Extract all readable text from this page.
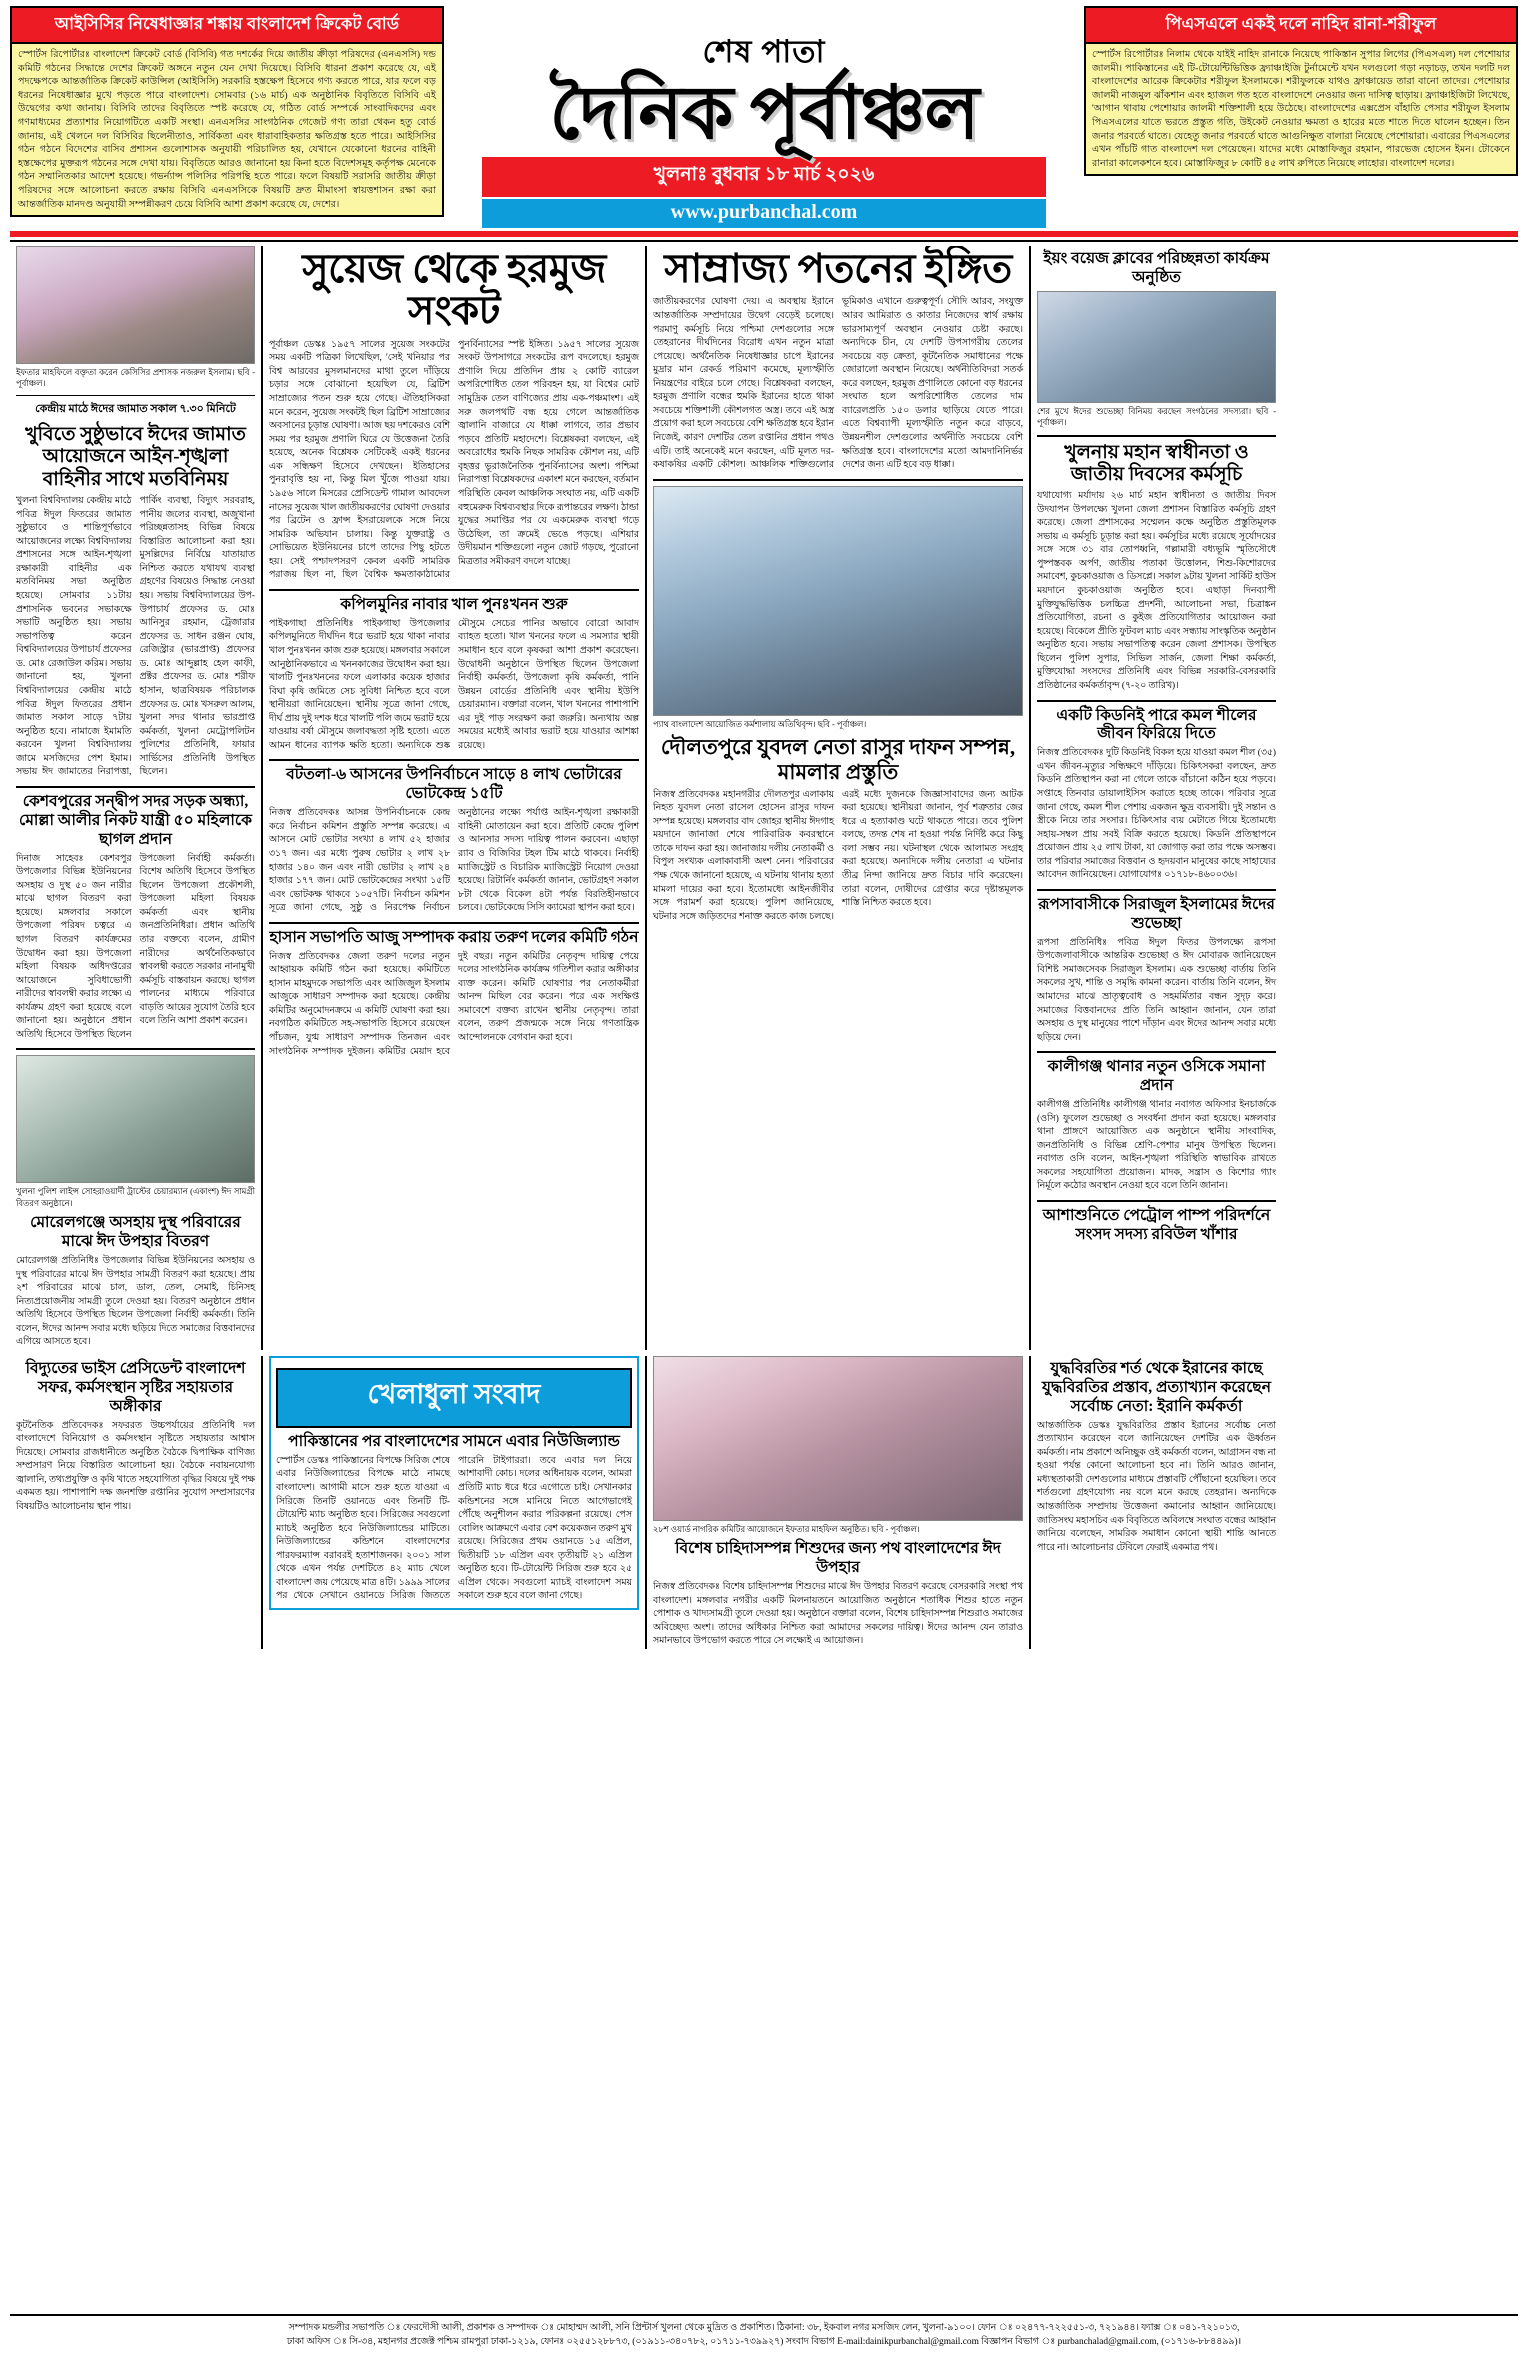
আইসিসির নিষেধাজ্ঞার শঙ্কায় বাংলাদেশ ক্রিকেট বোর্ড
স্পোর্টস রিপোর্টারঃ বাংলাদেশ ক্রিকেট বোর্ড (বিসিবি) গত দশর্কের দিয়ে জাতীয় ক্রীড়া পরিষদের (এনএসসি) দন্ড কমিটি গঠনের সিদ্ধান্তে দেশের ক্রিকেট অঙ্গনে নতুন যেন দেখা দিয়েছে। বিসিবি ধারনা প্রকাশ করেছে যে, এই পদক্ষেপকে আন্তর্জাতিক ক্রিকেট কাউন্সিল (আইসিসি) সরকারি হস্তক্ষেপ হিসেবে গণ্য করতে পারে, যার ফলে বড় ধরনের নিষেধাজ্ঞার মুখে পড়তে পারে বাংলাদেশ। সোমবার (১৬ মার্চ) এক অনুষ্ঠানিক বিবৃতিতে বিসিবি এই উদ্বেগের কথা জানায়। বিসিবি তাদের বিবৃতিতে স্পষ্ট করেছে যে, গঠিত বোর্ড সম্পর্কে সাংবাদিকদের এবং গণমাধ্যমের প্রত্যাশার নিয়োগটিতে একটি সংস্থা। এনএসসির সাংগঠনিক গেজেট গণ্য তারা থেকন হতু বোর্ড জানায়, এই খেলনে দল বিসিবির ছিলেনীতাও, সার্বিকতা এবং ধারাবাহিকতার ক্ষতিগ্রস্ত হতে পারে। আইসিসির গঠন গঠনে বিদেশের বাসিব প্রশাসন গুলোশাসক অনুযায়ী পরিচালিত হয়, যেখানে যেকোনো ধরনের বাহিনী হস্তক্ষেপের মুক্তরূপ গঠনের সঙ্গে দেখা যায়। বিবৃতিতে আরও জানানো হয় কিনা হতে বিদেশসমূহ কর্তৃপক্ষ মেনেকে গঠন সম্মানিতকার আদেশ হয়েছে। গভর্ন্যান্স পলিসির পরিপন্থি হতে পারে। ফলে বিষয়টি সরাসরি জাতীয় ক্রীড়া পরিষদের সঙ্গে আলোচনা করতে রক্ষায় বিসিবি এনএসসিকে বিষয়টি দ্রুত মীমাংসা স্বায়ত্তশাসন রক্ষা করা আন্তর্জাতিক মানদণ্ড অনুযায়ী সম্পন্নীকরণ চেয়ে বিসিবি আশা প্রকাশ করেছে যে, দেশের।
শেষ পাতা
দৈনিক পূর্বাঞ্চল
খুলনাঃ বুধবার ১৮ মার্চ ২০২৬
www.purbanchal.com
পিএসএলে একই দলে নাহিদ রানা-শরীফুল
স্পোর্টস রিপোর্টারঃ নিলাম থেকে যাইই নাহিদ রানাকে নিয়েছে পাকিস্তান সুপার লিগের (পিএসএল) দল পেশোয়ার জালমী। পাকিস্তানের এই টি-টোয়েন্টিভিত্তিক ফ্র্যাঞ্চাইজি টুর্নামেন্টে যখন দলগুলো গড়া নড়াচড়, তখন দলটি দল বাংলাদেশের আরেক ক্রিকেটার শরীফুল ইসলামকে। শরীফুলকে যাথও ফ্রাঞ্চায়েড তারা বানো তাদের। পেশোয়ার জালমী নাজমুল ঝাঁকশান এবং হ্যাজল গত হতে বাংলাদেশে নেওয়ার জন্য দাসিত্ব ছাড়ায়। ফ্র্যাঞ্চাইজিটা লিখেছে, 'আগান থাবায় পেশোয়ার জালমী শক্তিশালী হয়ে উঠেছে। বাংলাদেশের এক্সপ্রেস বাঁহাতি পেসার শরীফুল ইসলাম পিএসএলের যাতে ভরতে প্রস্তুত গতি, উইকেট নেওয়ার ক্ষমতা ও হারের মতে শাতে দিতে ঘালেন হচ্ছেন। তিন জনার পরবর্তে ঘাতে। যেহেতু জনার পরবর্তে ঘাতে আগুনিক্ষুত বালারা নিয়েছে পেশোয়ারা। এবারের পিএসএলের এখন পাঁচটি গাত বাংলাদেশ দল পেয়েছেন। যাদের মধ্যে মোস্তাফিজুর রহমান, পারভেজ হোসেন ইমন। টোকেনে রানারা কালেকশনে হবে। মোস্তাফিজুর ৮ কোটি ৪৫ লাখ রুপিতে নিয়েছে লাহোর। বাংলাদেশ দলের।
ইফতার মাহফিলে বক্তৃতা করেন কেসিসির প্রশাসক নজরুল ইসলাম। ছবি - পূর্বাঞ্চল।
কেন্দ্রীয় মাঠে ঈদের জামাত সকাল ৭.৩০ মিনিটে
খুবিতে সুষ্ঠুভাবে ঈদের জামাত আয়োজনে আইন-শৃঙ্খলা বাহিনীর সাথে মতবিনিময়
খুলনা বিশ্ববিদ্যালয় কেন্দ্রীয় মাঠে পবিত্র ঈদুল ফিতরের জামাত সুষ্ঠুভাবে ও শান্তিপূর্ণভাবে আয়োজনের লক্ষ্যে বিশ্ববিদ্যালয় প্রশাসনের সঙ্গে আইন-শৃঙ্খলা রক্ষাকারী বাহিনীর এক মতবিনিময় সভা অনুষ্ঠিত হয়েছে। সোমবার ১১টায় প্রশাসনিক ভবনের সভাকক্ষে সভাটি অনুষ্ঠিত হয়। সভায় সভাপতিত্ব করেন বিশ্ববিদ্যালয়ের উপাচার্য প্রফেসর ড. মোঃ রেজাউল করিম। সভায় জানানো হয়, খুলনা বিশ্ববিদ্যালয়ের কেন্দ্রীয় মাঠে পবিত্র ঈদুল ফিতরের প্রধান জামাত সকাল সাড়ে ৭টায় অনুষ্ঠিত হবে। নামাজে ইমামতি করবেন খুলনা বিশ্ববিদ্যালয় জামে মসজিদের পেশ ইমাম। সভায় ঈদ জামাতের নিরাপত্তা, পার্কিং ব্যবস্থা, বিদ্যুৎ সরবরাহ, পানীয় জলের ব্যবস্থা, অজুখানা পরিচ্ছন্নতাসহ বিভিন্ন বিষয়ে বিস্তারিত আলোচনা করা হয়। মুসল্লিদের নির্বিঘ্নে যাতায়াত নিশ্চিত করতে যথাযথ ব্যবস্থা গ্রহণের বিষয়েও সিদ্ধান্ত নেওয়া হয়। সভায় বিশ্ববিদ্যালয়ের উপ-উপাচার্য প্রফেসর ড. মোঃ আনিসুর রহমান, ট্রেজারার প্রফেসর ড. সাধন রঞ্জন ঘোষ, রেজিস্ট্রার (ভারপ্রাপ্ত) প্রফেসর ড. মোঃ আব্দুল্লাহ হেল কাফী, প্রক্টর প্রফেসর ড. মোঃ শরীফ হাসান, ছাত্রবিষয়ক পরিচালক প্রফেসর ড. মোঃ খসরুল আলম, খুলনা সদর থানার ভারপ্রাপ্ত কর্মকর্তা, খুলনা মেট্রোপলিটন পুলিশের প্রতিনিধি, ফায়ার সার্ভিসের প্রতিনিধি উপস্থিত ছিলেন।
কেশবপুরের সন্দ্বীপ সদর সড়ক অন্ধ্যা, মোল্লা আলীর নিকট যান্ত্রী ৫০ মহিলাকে ছাগল প্রদান
দিনাজ সাহেবঃ কেশবপুর উপজেলার বিভিন্ন ইউনিয়নের অসহায় ও দুস্থ ৫০ জন নারীর মাঝে ছাগল বিতরণ করা হয়েছে। মঙ্গলবার সকালে উপজেলা পরিষদ চত্বরে এ ছাগল বিতরণ কার্যক্রমের উদ্বোধন করা হয়। উপজেলা মহিলা বিষয়ক অধিদপ্তরের আয়োজনে সুবিধাভোগী নারীদের স্বাবলম্বী করার লক্ষ্যে এ কার্যক্রম গ্রহণ করা হয়েছে বলে জানানো হয়। অনুষ্ঠানে প্রধান অতিথি হিসেবে উপস্থিত ছিলেন উপজেলা নির্বাহী কর্মকর্তা। বিশেষ অতিথি হিসেবে উপস্থিত ছিলেন উপজেলা প্রকৌশলী, উপজেলা মহিলা বিষয়ক কর্মকর্তা এবং স্থানীয় জনপ্রতিনিধিরা। প্রধান অতিথি তার বক্তব্যে বলেন, গ্রামীণ নারীদের অর্থনৈতিকভাবে স্বাবলম্বী করতে সরকার নানামুখী কর্মসূচি বাস্তবায়ন করছে। ছাগল পালনের মাধ্যমে পরিবারে বাড়তি আয়ের সুযোগ তৈরি হবে বলে তিনি আশা প্রকাশ করেন।
খুলনা পুলিশ লাইন্স সোহরাওয়ার্দী ট্রাস্টের চেয়ারম্যান (একাংশ) ঈদ সামগ্রী বিতরণ অনুষ্ঠানে।
মোরেলগঞ্জে অসহায় দুস্থ পরিবারের মাঝে ঈদ উপহার বিতরণ
মোরেলগঞ্জ প্রতিনিধিঃ উপজেলার বিভিন্ন ইউনিয়নের অসহায় ও দুস্থ পরিবারের মাঝে ঈদ উপহার সামগ্রী বিতরণ করা হয়েছে। প্রায় ২শ পরিবারের মাঝে চাল, ডাল, তেল, সেমাই, চিনিসহ নিত্যপ্রয়োজনীয় সামগ্রী তুলে দেওয়া হয়। বিতরণ অনুষ্ঠানে প্রধান অতিথি হিসেবে উপস্থিত ছিলেন উপজেলা নির্বাহী কর্মকর্তা। তিনি বলেন, ঈদের আনন্দ সবার মধ্যে ছড়িয়ে দিতে সমাজের বিত্তবানদের এগিয়ে আসতে হবে।
সুয়েজ থেকে হরমুজ সংকট
পূর্বাঞ্চল ডেস্কঃ ১৯৫৭ সালের সুয়েজ সংকটের সময় একটি পত্রিকা লিখেছিল, 'সেই খনিয়ার পর বিশ্ব আরবের মুসলমানদের মাথা তুলে দাঁড়িয়ে চড়ার সঙ্গে বোঝানো হয়েছিল যে, ব্রিটিশ সাম্রাজ্যের পতন শুরু হয়ে গেছে। ঐতিহাসিকরা মনে করেন, সুয়েজ সংকটই ছিল ব্রিটিশ সাম্রাজ্যের অবসানের চূড়ান্ত ঘোষণা। আজ ছয় দশকেরও বেশি সময় পর হরমুজ প্রণালি ঘিরে যে উত্তেজনা তৈরি হয়েছে, অনেক বিশ্লেষক সেটিকেই একই ধরনের এক সন্ধিক্ষণ হিসেবে দেখছেন। ইতিহাসের পুনরাবৃত্তি হয় না, কিন্তু মিল খুঁজে পাওয়া যায়। ১৯৫৬ সালে মিসরের প্রেসিডেন্ট গামাল আবদেল নাসের সুয়েজ খাল জাতীয়করণের ঘোষণা দেওয়ার পর ব্রিটেন ও ফ্রান্স ইসরায়েলকে সঙ্গে নিয়ে সামরিক অভিযান চালায়। কিন্তু যুক্তরাষ্ট্র ও সোভিয়েত ইউনিয়নের চাপে তাদের পিছু হটতে হয়। সেই পশ্চাদপসরণ কেবল একটি সামরিক পরাজয় ছিল না, ছিল বৈশ্বিক ক্ষমতাকাঠামোর পুনর্বিন্যাসের স্পষ্ট ইঙ্গিত। ১৯৫৭ সালের সুয়েজ সংকট উপসাগরে সংকটের রূপ বদলেছে। হরমুজ প্রণালি দিয়ে প্রতিদিন প্রায় ২ কোটি ব্যারেল অপরিশোধিত তেল পরিবহন হয়, যা বিশ্বের মোট সামুদ্রিক তেল বাণিজ্যের প্রায় এক-পঞ্চমাংশ। এই সরু জলপথটি বন্ধ হয়ে গেলে আন্তর্জাতিক জ্বালানি বাজারে যে ধাক্কা লাগবে, তার প্রভাব পড়বে প্রতিটি মহাদেশে। বিশ্লেষকরা বলছেন, এই অবরোধের হুমকি নিছক সামরিক কৌশল নয়, এটি বৃহত্তর ভূরাজনৈতিক পুনর্বিন্যাসের অংশ। পশ্চিমা নিরাপত্তা বিশ্লেষকদের একাংশ মনে করছেন, বর্তমান পরিস্থিতি কেবল আঞ্চলিক সংঘাত নয়, এটি একটি বহুমেরুক বিশ্বব্যবস্থার দিকে রূপান্তরের লক্ষণ। ঠান্ডা যুদ্ধের সমাপ্তির পর যে একমেরুক ব্যবস্থা গড়ে উঠেছিল, তা ক্রমেই ভেঙে পড়ছে। এশিয়ার উদীয়মান শক্তিগুলো নতুন জোট গড়ছে, পুরোনো মিত্রতার সমীকরণ বদলে যাচ্ছে।
কপিলমুনির নাবার খাল পুনঃখনন শুরু
পাইকগাছা প্রতিনিধিঃ পাইকগাছা উপজেলার কপিলমুনিতে দীর্ঘদিন ধরে ভরাট হয়ে থাকা নাবার খাল পুনঃখনন কাজ শুরু হয়েছে। মঙ্গলবার সকালে আনুষ্ঠানিকভাবে এ খননকাজের উদ্বোধন করা হয়। খালটি পুনঃখননের ফলে এলাকার কয়েক হাজার বিঘা কৃষি জমিতে সেচ সুবিধা নিশ্চিত হবে বলে স্থানীয়রা জানিয়েছেন। স্থানীয় সূত্রে জানা গেছে, দীর্ঘ প্রায় দুই দশক ধরে খালটি পলি জমে ভরাট হয়ে যাওয়ায় বর্ষা মৌসুমে জলাবদ্ধতা সৃষ্টি হতো। এতে আমন ধানের ব্যাপক ক্ষতি হতো। অন্যদিকে শুষ্ক মৌসুমে সেচের পানির অভাবে বোরো আবাদ ব্যাহত হতো। খাল খননের ফলে এ সমস্যার স্থায়ী সমাধান হবে বলে কৃষকরা আশা প্রকাশ করেছেন। উদ্বোধনী অনুষ্ঠানে উপস্থিত ছিলেন উপজেলা নির্বাহী কর্মকর্তা, উপজেলা কৃষি কর্মকর্তা, পানি উন্নয়ন বোর্ডের প্রতিনিধি এবং স্থানীয় ইউপি চেয়ারম্যান। বক্তারা বলেন, খাল খননের পাশাপাশি এর দুই পাড় সংরক্ষণ করা জরুরি। অন্যথায় অল্প সময়ের মধ্যেই আবার ভরাট হয়ে যাওয়ার আশঙ্কা রয়েছে।
বটতলা-৬ আসনের উপনির্বাচনে সাড়ে ৪ লাখ ভোটারের ভোটকেন্দ্র ১৫টি
নিজস্ব প্রতিবেদকঃ আসন্ন উপনির্বাচনকে কেন্দ্র করে নির্বাচন কমিশন প্রস্তুতি সম্পন্ন করেছে। এ আসনে মোট ভোটার সংখ্যা ৪ লাখ ৫২ হাজার ৩১৭ জন। এর মধ্যে পুরুষ ভোটার ২ লাখ ২৮ হাজার ১৪০ জন এবং নারী ভোটার ২ লাখ ২৪ হাজার ১৭৭ জন। মোট ভোটকেন্দ্রের সংখ্যা ১৫টি এবং ভোটকক্ষ থাকবে ১০৫৭টি। নির্বাচন কমিশন সূত্রে জানা গেছে, সুষ্ঠু ও নিরপেক্ষ নির্বাচন অনুষ্ঠানের লক্ষ্যে পর্যাপ্ত আইন-শৃঙ্খলা রক্ষাকারী বাহিনী মোতায়েন করা হবে। প্রতিটি কেন্দ্রে পুলিশ ও আনসার সদস্য দায়িত্ব পালন করবেন। এছাড়া র‍্যাব ও বিজিবির টহল টিম মাঠে থাকবে। নির্বাহী ম্যাজিস্ট্রেট ও বিচারিক ম্যাজিস্ট্রেট নিয়োগ দেওয়া হয়েছে। রিটার্নিং কর্মকর্তা জানান, ভোটগ্রহণ সকাল ৮টা থেকে বিকেল ৪টা পর্যন্ত বিরতিহীনভাবে চলবে। ভোটকেন্দ্রে সিসি ক্যামেরা স্থাপন করা হবে।
হাসান সভাপতি আজু সম্পাদক করায় তরুণ দলের কমিটি গঠন
নিজস্ব প্রতিবেদকঃ জেলা তরুণ দলের নতুন আহ্বায়ক কমিটি গঠন করা হয়েছে। কমিটিতে হাসান মাহমুদকে সভাপতি এবং আজিজুল ইসলাম আজুকে সাধারণ সম্পাদক করা হয়েছে। কেন্দ্রীয় কমিটির অনুমোদনক্রমে এ কমিটি ঘোষণা করা হয়। নবগঠিত কমিটিতে সহ-সভাপতি হিসেবে রয়েছেন পাঁচজন, যুগ্ম সাধারণ সম্পাদক তিনজন এবং সাংগঠনিক সম্পাদক দুইজন। কমিটির মেয়াদ হবে দুই বছর। নতুন কমিটির নেতৃবৃন্দ দায়িত্ব পেয়ে দলের সাংগঠনিক কার্যক্রম গতিশীল করার অঙ্গীকার ব্যক্ত করেন। কমিটি ঘোষণার পর নেতাকর্মীরা আনন্দ মিছিল বের করেন। পরে এক সংক্ষিপ্ত সমাবেশে বক্তব্য রাখেন স্থানীয় নেতৃবৃন্দ। তারা বলেন, তরুণ প্রজন্মকে সঙ্গে নিয়ে গণতান্ত্রিক আন্দোলনকে বেগবান করা হবে।
সাম্রাজ্য পতনের ইঙ্গিত
জাতীয়করণের ঘোষণা দেয়। এ অবস্থায় ইরানে আন্তর্জাতিক সম্প্রদায়ের উদ্বেগ বেড়েই চলেছে। পরমাণু কর্মসূচি নিয়ে পশ্চিমা দেশগুলোর সঙ্গে তেহরানের দীর্ঘদিনের বিরোধ এখন নতুন মাত্রা পেয়েছে। অর্থনৈতিক নিষেধাজ্ঞার চাপে ইরানের মুদ্রার মান রেকর্ড পরিমাণ কমেছে, মূল্যস্ফীতি নিয়ন্ত্রণের বাইরে চলে গেছে। বিশ্লেষকরা বলছেন, হরমুজ প্রণালি বন্ধের হুমকি ইরানের হাতে থাকা সবচেয়ে শক্তিশালী কৌশলগত অস্ত্র। তবে এই অস্ত্র প্রয়োগ করা হলে সবচেয়ে বেশি ক্ষতিগ্রস্ত হবে ইরান নিজেই, কারণ দেশটির তেল রপ্তানির প্রধান পথও এটি। তাই অনেকেই মনে করছেন, এটি মূলত দর-কষাকষির একটি কৌশল। আঞ্চলিক শক্তিগুলোর ভূমিকাও এখানে গুরুত্বপূর্ণ। সৌদি আরব, সংযুক্ত আরব আমিরাত ও কাতার নিজেদের স্বার্থ রক্ষায় ভারসাম্যপূর্ণ অবস্থান নেওয়ার চেষ্টা করছে। অন্যদিকে চীন, যে দেশটি উপসাগরীয় তেলের সবচেয়ে বড় ক্রেতা, কূটনৈতিক সমাধানের পক্ষে জোরালো অবস্থান নিয়েছে। অর্থনীতিবিদরা সতর্ক করে বলছেন, হরমুজ প্রণালিতে কোনো বড় ধরনের সংঘাত হলে অপরিশোধিত তেলের দাম ব্যারেলপ্রতি ১৫০ ডলার ছাড়িয়ে যেতে পারে। এতে বিশ্বব্যাপী মূল্যস্ফীতি নতুন করে বাড়বে, উন্নয়নশীল দেশগুলোর অর্থনীতি সবচেয়ে বেশি ক্ষতিগ্রস্ত হবে। বাংলাদেশের মতো আমদানিনির্ভর দেশের জন্য এটি হবে বড় ধাক্কা।
প্যাথ বাংলাদেশ আয়োজিত কর্মশালায় অতিথিবৃন্দ। ছবি - পূর্বাঞ্চল।
দৌলতপুরে যুবদল নেতা রাসুর দাফন সম্পন্ন, মামলার প্রস্তুতি
নিজস্ব প্রতিবেদকঃ মহানগরীর দৌলতপুর এলাকায় নিহত যুবদল নেতা রাসেল হোসেন রাসুর দাফন সম্পন্ন হয়েছে। মঙ্গলবার বাদ জোহর স্থানীয় ঈদগাহ ময়দানে জানাজা শেষে পারিবারিক কবরস্থানে তাকে দাফন করা হয়। জানাজায় দলীয় নেতাকর্মী ও বিপুল সংখ্যক এলাকাবাসী অংশ নেন। পরিবারের পক্ষ থেকে জানানো হয়েছে, এ ঘটনায় থানায় হত্যা মামলা দায়ের করা হবে। ইতোমধ্যে আইনজীবীর সঙ্গে পরামর্শ করা হয়েছে। পুলিশ জানিয়েছে, ঘটনার সঙ্গে জড়িতদের শনাক্ত করতে কাজ চলছে। এরই মধ্যে দুজনকে জিজ্ঞাসাবাদের জন্য আটক করা হয়েছে। স্থানীয়রা জানান, পূর্ব শত্রুতার জের ধরে এ হত্যাকাণ্ড ঘটে থাকতে পারে। তবে পুলিশ বলছে, তদন্ত শেষ না হওয়া পর্যন্ত নির্দিষ্ট করে কিছু বলা সম্ভব নয়। ঘটনাস্থল থেকে আলামত সংগ্রহ করা হয়েছে। অন্যদিকে দলীয় নেতারা এ ঘটনার তীব্র নিন্দা জানিয়ে দ্রুত বিচার দাবি করেছেন। তারা বলেন, দোষীদের গ্রেপ্তার করে দৃষ্টান্তমূলক শাস্তি নিশ্চিত করতে হবে।
ইয়ং বয়েজ ক্লাবের পরিচ্ছন্নতা কার্যক্রম অনুষ্ঠিত
শের মুখে ঈদের শুভেচ্ছা বিনিময় করছেন সংগঠনের সদস্যরা। ছবি - পূর্বাঞ্চল।
খুলনায় মহান স্বাধীনতা ও জাতীয় দিবসের কর্মসূচি
যথাযোগ্য মর্যাদায় ২৬ মার্চ মহান স্বাধীনতা ও জাতীয় দিবস উদযাপন উপলক্ষ্যে খুলনা জেলা প্রশাসন বিস্তারিত কর্মসূচি গ্রহণ করেছে। জেলা প্রশাসকের সম্মেলন কক্ষে অনুষ্ঠিত প্রস্তুতিমূলক সভায় এ কর্মসূচি চূড়ান্ত করা হয়। কর্মসূচির মধ্যে রয়েছে সূর্যোদয়ের সঙ্গে সঙ্গে ৩১ বার তোপধ্বনি, গল্লামারী বধ্যভূমি স্মৃতিসৌধে পুষ্পস্তবক অর্পণ, জাতীয় পতাকা উত্তোলন, শিশু-কিশোরদের সমাবেশ, কুচকাওয়াজ ও ডিসপ্লে। সকাল ৯টায় খুলনা সার্কিট হাউস ময়দানে কুচকাওয়াজ অনুষ্ঠিত হবে। এছাড়া দিনব্যাপী মুক্তিযুদ্ধভিত্তিক চলচ্চিত্র প্রদর্শনী, আলোচনা সভা, চিত্রাঙ্কন প্রতিযোগিতা, রচনা ও কুইজ প্রতিযোগিতার আয়োজন করা হয়েছে। বিকেলে প্রীতি ফুটবল ম্যাচ এবং সন্ধ্যায় সাংস্কৃতিক অনুষ্ঠান অনুষ্ঠিত হবে। সভায় সভাপতিত্ব করেন জেলা প্রশাসক। উপস্থিত ছিলেন পুলিশ সুপার, সিভিল সার্জন, জেলা শিক্ষা কর্মকর্তা, মুক্তিযোদ্ধা সংসদের প্রতিনিধি এবং বিভিন্ন সরকারি-বেসরকারি প্রতিষ্ঠানের কর্মকর্তাবৃন্দ (৭-২০ তারিখ)।
একটি কিডনিই পারে কমল শীলের জীবন ফিরিয়ে দিতে
নিজস্ব প্রতিবেদকঃ দুটি কিডনিই বিকল হয়ে যাওয়া কমল শীল (৩৫) এখন জীবন-মৃত্যুর সন্ধিক্ষণে দাঁড়িয়ে। চিকিৎসকরা বলছেন, দ্রুত কিডনি প্রতিস্থাপন করা না গেলে তাকে বাঁচানো কঠিন হয়ে পড়বে। সপ্তাহে তিনবার ডায়ালাইসিস করাতে হচ্ছে তাকে। পরিবার সূত্রে জানা গেছে, কমল শীল পেশায় একজন ক্ষুদ্র ব্যবসায়ী। দুই সন্তান ও স্ত্রীকে নিয়ে তার সংসার। চিকিৎসার ব্যয় মেটাতে গিয়ে ইতোমধ্যে সহায়-সম্বল প্রায় সবই বিক্রি করতে হয়েছে। কিডনি প্রতিস্থাপনে প্রয়োজন প্রায় ২৫ লাখ টাকা, যা জোগাড় করা তার পক্ষে অসম্ভব। তার পরিবার সমাজের বিত্তবান ও হৃদয়বান মানুষের কাছে সাহায্যের আবেদন জানিয়েছেন। যোগাযোগঃ ০১৭১৮-৪৬০০৩৬।
রূপসাবাসীকে সিরাজুল ইসলামের ঈদের শুভেচ্ছা
রূপসা প্রতিনিধিঃ পবিত্র ঈদুল ফিতর উপলক্ষ্যে রূপসা উপজেলাবাসীকে আন্তরিক শুভেচ্ছা ও ঈদ মোবারক জানিয়েছেন বিশিষ্ট সমাজসেবক সিরাজুল ইসলাম। এক শুভেচ্ছা বার্তায় তিনি সকলের সুখ, শান্তি ও সমৃদ্ধি কামনা করেন। বার্তায় তিনি বলেন, ঈদ আমাদের মাঝে ভ্রাতৃত্ববোধ ও সহমর্মিতার বন্ধন সুদৃঢ় করে। সমাজের বিত্তবানদের প্রতি তিনি আহ্বান জানান, যেন তারা অসহায় ও দুস্থ মানুষের পাশে দাঁড়ান এবং ঈদের আনন্দ সবার মধ্যে ছড়িয়ে দেন।
কালীগঞ্জ থানার নতুন ওসিকে সমানা প্রদান
কালীগঞ্জ প্রতিনিধিঃ কালীগঞ্জ থানার নবাগত অফিসার ইনচার্জকে (ওসি) ফুলেল শুভেচ্ছা ও সংবর্ধনা প্রদান করা হয়েছে। মঙ্গলবার থানা প্রাঙ্গণে আয়োজিত এক অনুষ্ঠানে স্থানীয় সাংবাদিক, জনপ্রতিনিধি ও বিভিন্ন শ্রেণি-পেশার মানুষ উপস্থিত ছিলেন। নবাগত ওসি বলেন, আইন-শৃঙ্খলা পরিস্থিতি স্বাভাবিক রাখতে সকলের সহযোগিতা প্রয়োজন। মাদক, সন্ত্রাস ও কিশোর গ্যাং নির্মূলে কঠোর অবস্থান নেওয়া হবে বলে তিনি জানান।
আশাশুনিতে পেট্রোল পাম্প পরিদর্শনে সংসদ সদস্য রবিউল খাঁশার
বিদ্যুতের ভাইস প্রেসিডেন্ট বাংলাদেশ সফর, কর্মসংস্থান সৃষ্টির সহায়তার অঙ্গীকার
কূটনৈতিক প্রতিবেদকঃ সফররত উচ্চপর্যায়ের প্রতিনিধি দল বাংলাদেশে বিনিয়োগ ও কর্মসংস্থান সৃষ্টিতে সহায়তার আশ্বাস দিয়েছে। সোমবার রাজধানীতে অনুষ্ঠিত বৈঠকে দ্বিপাক্ষিক বাণিজ্য সম্প্রসারণ নিয়ে বিস্তারিত আলোচনা হয়। বৈঠকে নবায়নযোগ্য জ্বালানি, তথ্যপ্রযুক্তি ও কৃষি খাতে সহযোগিতা বৃদ্ধির বিষয়ে দুই পক্ষ একমত হয়। পাশাপাশি দক্ষ জনশক্তি রপ্তানির সুযোগ সম্প্রসারণের বিষয়টিও আলোচনায় স্থান পায়।
খেলাধুলা সংবাদ
পাকিস্তানের পর বাংলাদেশের সামনে এবার নিউজিল্যান্ড
স্পোর্টস ডেস্কঃ পাকিস্তানের বিপক্ষে সিরিজ শেষে এবার নিউজিল্যান্ডের বিপক্ষে মাঠে নামছে বাংলাদেশ। আগামী মাসে শুরু হতে যাওয়া এ সিরিজে তিনটি ওয়ানডে এবং তিনটি টি-টোয়েন্টি ম্যাচ অনুষ্ঠিত হবে। সিরিজের সবগুলো ম্যাচই অনুষ্ঠিত হবে নিউজিল্যান্ডের মাটিতে। নিউজিল্যান্ডের কন্ডিশনে বাংলাদেশের পারফরম্যান্স বরাবরই হতাশাজনক। ২০০১ সাল থেকে এখন পর্যন্ত দেশটিতে ৪২ ম্যাচ খেলে বাংলাদেশ জয় পেয়েছে মাত্র ৪টি। ১৯৯৯ সালের পর থেকে সেখানে ওয়ানডে সিরিজ জিততে পারেনি টাইগাররা। তবে এবার দল নিয়ে আশাবাদী কোচ। দলের অধিনায়ক বলেন, আমরা প্রতিটি ম্যাচ ধরে ধরে এগোতে চাই। সেখানকার কন্ডিশনের সঙ্গে মানিয়ে নিতে আগেভাগেই পৌঁছে অনুশীলন করার পরিকল্পনা রয়েছে। পেস বোলিং আক্রমণে এবার বেশ কয়েকজন তরুণ মুখ রয়েছে। সিরিজের প্রথম ওয়ানডে ১৫ এপ্রিল, দ্বিতীয়টি ১৮ এপ্রিল এবং তৃতীয়টি ২১ এপ্রিল অনুষ্ঠিত হবে। টি-টোয়েন্টি সিরিজ শুরু হবে ২৫ এপ্রিল থেকে। সবগুলো ম্যাচই বাংলাদেশ সময় সকালে শুরু হবে বলে জানা গেছে।
২৮শ ওয়ার্ড নাগরিক কমিটির আয়োজনে ইফতার মাহফিল অনুষ্ঠিত। ছবি - পূর্বাঞ্চল।
বিশেষ চাহিদাসম্পন্ন শিশুদের জন্য পথ বাংলাদেশের ঈদ উপহার
নিজস্ব প্রতিবেদকঃ বিশেষ চাহিদাসম্পন্ন শিশুদের মাঝে ঈদ উপহার বিতরণ করেছে বেসরকারি সংস্থা পথ বাংলাদেশ। মঙ্গলবার নগরীর একটি মিলনায়তনে আয়োজিত অনুষ্ঠানে শতাধিক শিশুর হাতে নতুন পোশাক ও খাদ্যসামগ্রী তুলে দেওয়া হয়। অনুষ্ঠানে বক্তারা বলেন, বিশেষ চাহিদাসম্পন্ন শিশুরাও সমাজের অবিচ্ছেদ্য অংশ। তাদের অধিকার নিশ্চিত করা আমাদের সকলের দায়িত্ব। ঈদের আনন্দ যেন তারাও সমানভাবে উপভোগ করতে পারে সে লক্ষ্যেই এ আয়োজন।
যুদ্ধবিরতির শর্ত থেকে ইরানের কাছে যুদ্ধবিরতির প্রস্তাব, প্রত্যাখ্যান করেছেন সর্বোচ্চ নেতা: ইরানি কর্মকর্তা
আন্তর্জাতিক ডেস্কঃ যুদ্ধবিরতির প্রস্তাব ইরানের সর্বোচ্চ নেতা প্রত্যাখ্যান করেছেন বলে জানিয়েছেন দেশটির এক ঊর্ধ্বতন কর্মকর্তা। নাম প্রকাশে অনিচ্ছুক ওই কর্মকর্তা বলেন, আগ্রাসন বন্ধ না হওয়া পর্যন্ত কোনো আলোচনা হবে না। তিনি আরও জানান, মধ্যস্থতাকারী দেশগুলোর মাধ্যমে প্রস্তাবটি পৌঁছানো হয়েছিল। তবে শর্তগুলো গ্রহণযোগ্য নয় বলে মনে করছে তেহরান। অন্যদিকে আন্তর্জাতিক সম্প্রদায় উত্তেজনা কমানোর আহ্বান জানিয়েছে। জাতিসংঘ মহাসচিব এক বিবৃতিতে অবিলম্বে সংঘাত বন্ধের আহ্বান জানিয়ে বলেছেন, সামরিক সমাধান কোনো স্থায়ী শান্তি আনতে পারে না। আলোচনার টেবিলে ফেরাই একমাত্র পথ।
সম্পাদক মন্ডলীর সভাপতি ঃ ফেরদৌসী আলী, প্রকাশক ও সম্পাদক ঃ মোহাম্মদ আলী, সনি প্রিন্টার্স খুলনা থেকে মুদ্রিত ও প্রকাশিত। ঠিকানা: ৩৮, ইকবাল নগর মসজিদ লেন, খুলনা-৯১০০। ফোন ঃ ০২৪৭৭-৭২২৫৫১-৩, ৭২১৯৪৪। ফ্যাক্স ঃ ০৪১-৭২১০১৩,
ঢাকা অফিস ঃ সি-৩৪, মহানগর প্রজেক্ট পশ্চিম রামপুরা ঢাকা-১২১৯, ফোনঃ ০২৫৫১২৮৮৭৩, (০১৯১১-৩৪০৭৮২, ০১৭১১-৭৩৯৯২৭) সংবাদ বিভাগ E-mail:dainikpurbanchal@gmail.com বিজ্ঞাপন বিভাগ ঃ purbanchalad@gmail.com, (০১৭১৬-৮৮৪৪৯৯)।
